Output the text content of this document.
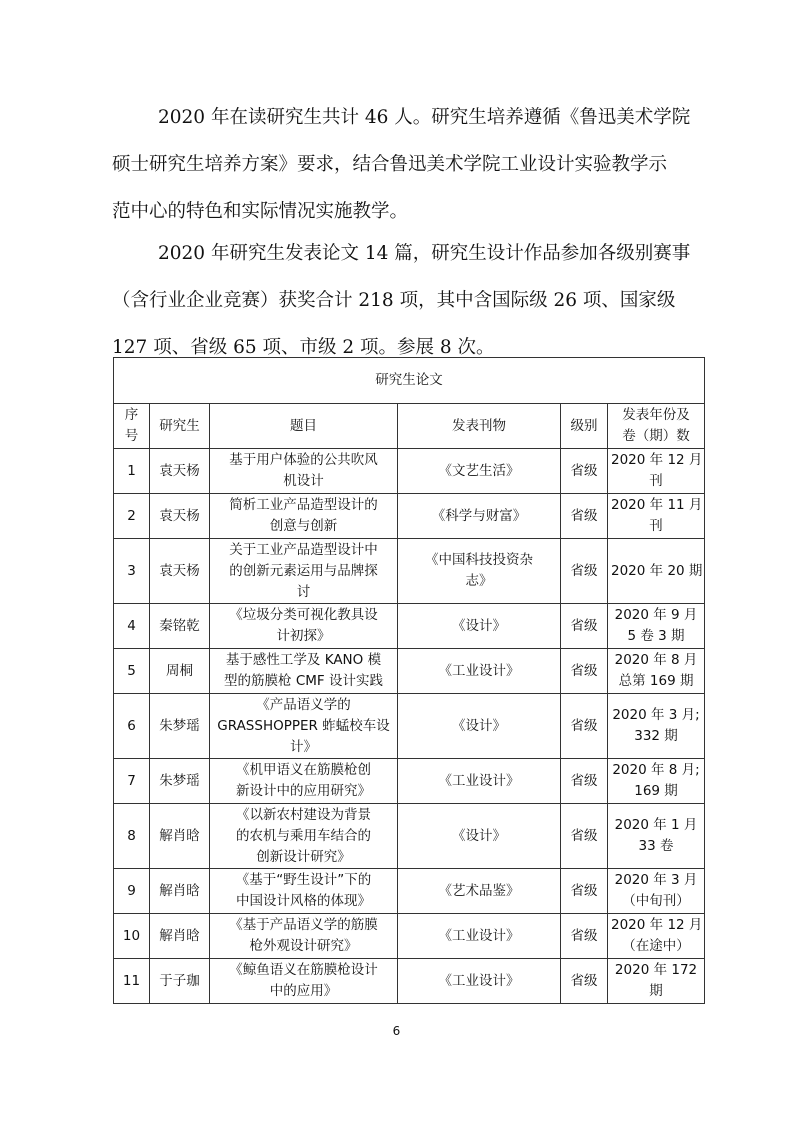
2020 年在读研究生共计 46 人。研究生培养遵循《鲁迅美术学院
硕士研究生培养方案》要求，结合鲁迅美术学院工业设计实验教学示
范中心的特色和实际情况实施教学。
2020 年研究生发表论文 14 篇，研究生设计作品参加各级别赛事
（含行业企业竞赛）获奖合计 218 项，其中含国际级 26 项、国家级
127 项、省级 65 项、市级 2 项。参展 8 次。
研究生论文					

序
号	研究生	题目	发表刊物	级别	发表年份及
卷（期）数

1	袁天杨	基于用户体验的公共吹风
机设计	《文艺生活》	省级	2020 年 12 月
刊

2	袁天杨	简析工业产品造型设计的
创意与创新	《科学与财富》	省级	2020 年 11 月
刊

3	袁天杨	关于工业产品造型设计中
的创新元素运用与品牌探
讨	《中国科技投资杂
志》	省级	2020 年 20 期

4	秦铭乾	《垃圾分类可视化教具设
计初探》	《设计》	省级	2020 年 9 月
5 卷 3 期

5	周桐	基于感性工学及 KANO 模
型的筋膜枪 CMF 设计实践	《工业设计》	省级	2020 年 8 月
总第 169 期

6	朱梦瑶	《产品语义学的
GRASSHOPPER 蚱蜢校车设
计》	《设计》	省级	2020 年 3 月;
332 期

7	朱梦瑶	《机甲语义在筋膜枪创
新设计中的应用研究》	《工业设计》	省级	2020 年 8 月;
169 期

8	解肖晗	《以新农村建设为背景
的农机与乘用车结合的
创新设计研究》	《设计》	省级	2020 年 1 月
33 卷

9	解肖晗	《基于“野生设计”下的
中国设计风格的体现》	《艺术品鉴》	省级	2020 年 3 月
（中旬刊）

10	解肖晗	《基于产品语义学的筋膜
枪外观设计研究》	《工业设计》	省级	2020 年 12 月
（在途中）

11	于子珈	《鲸鱼语义在筋膜枪设计
中的应用》	《工业设计》	省级	2020 年 172
期
6
